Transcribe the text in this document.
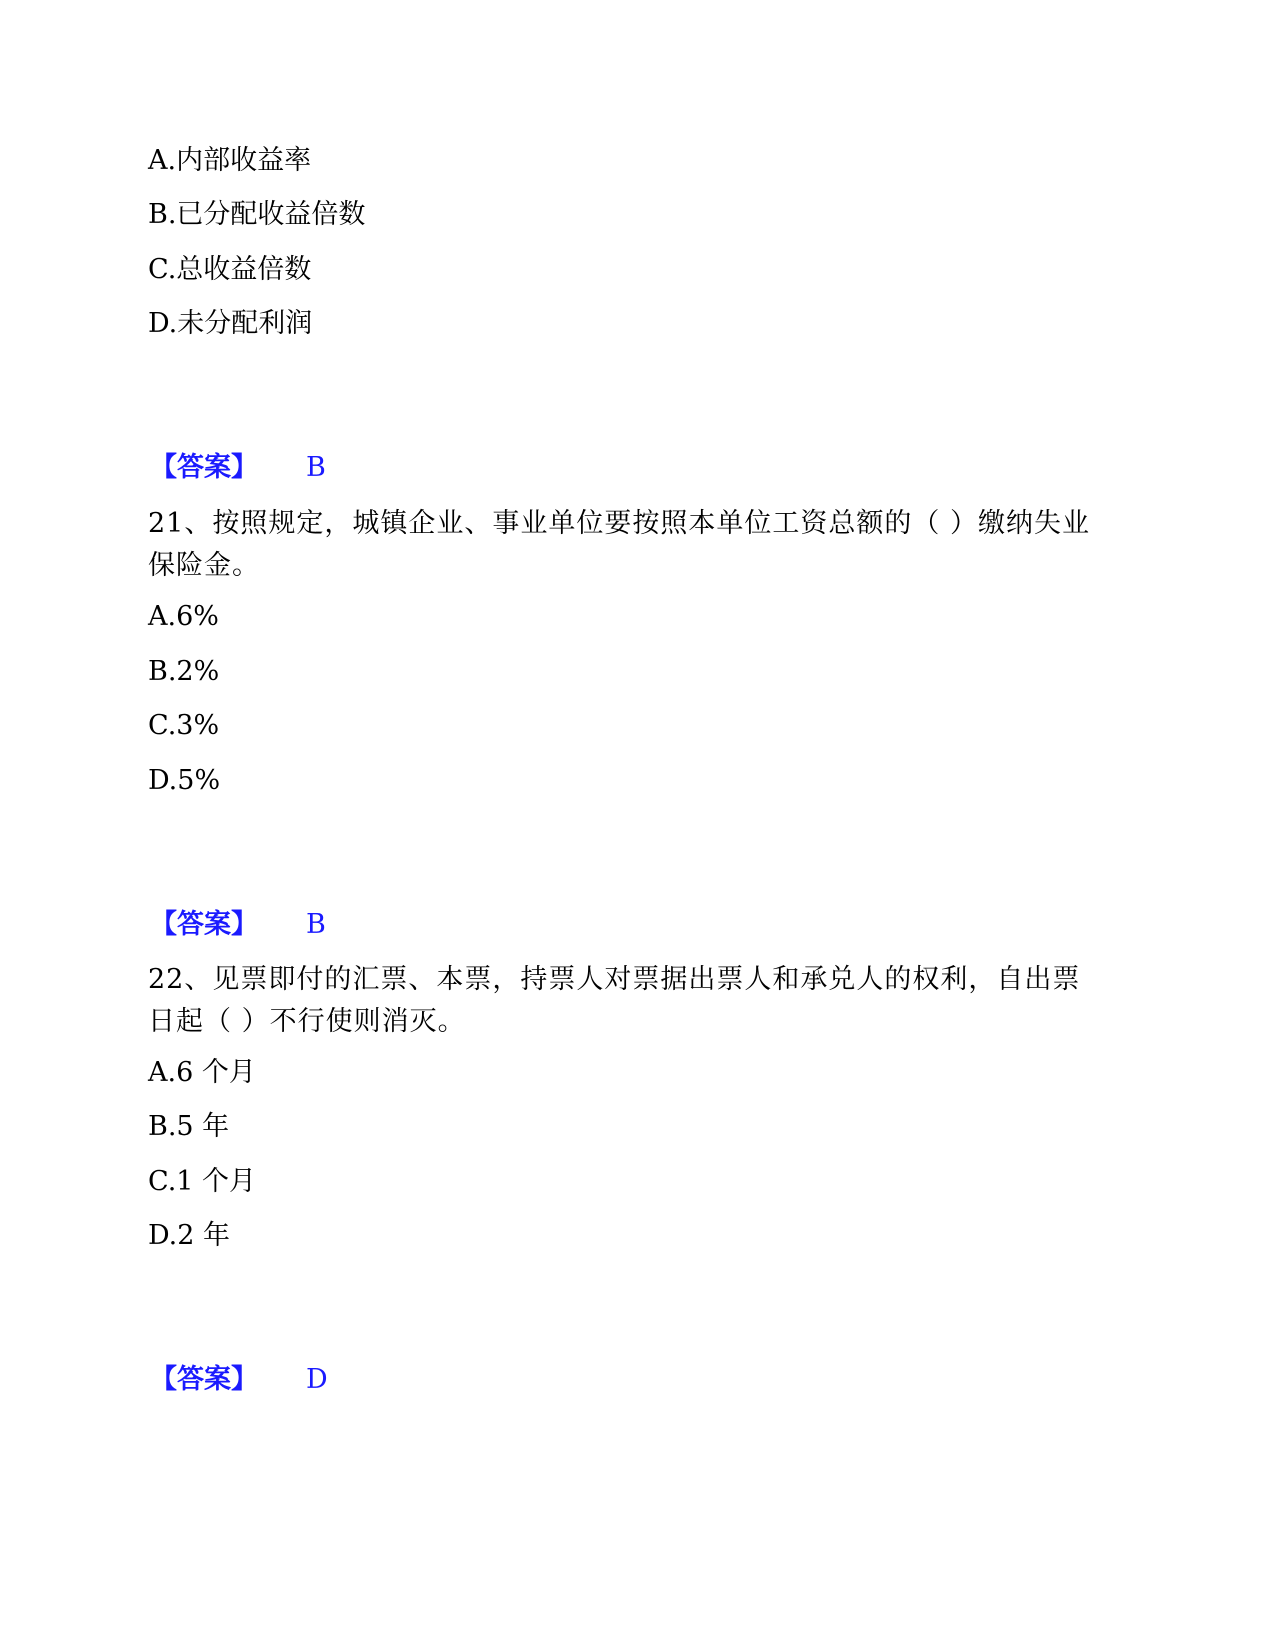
A.内部收益率
B.已分配收益倍数
C.总收益倍数
D.未分配利润
【答案】 B
21、按照规定，城镇企业、事业单位要按照本单位工资总额的（ ）缴纳失业保险金。
A.6%
B.2%
C.3%
D.5%
【答案】 B
22、见票即付的汇票、本票，持票人对票据出票人和承兑人的权利，自出票日起（ ）不行使则消灭。
A.6 个月
B.5 年
C.1 个月
D.2 年
【答案】 D
